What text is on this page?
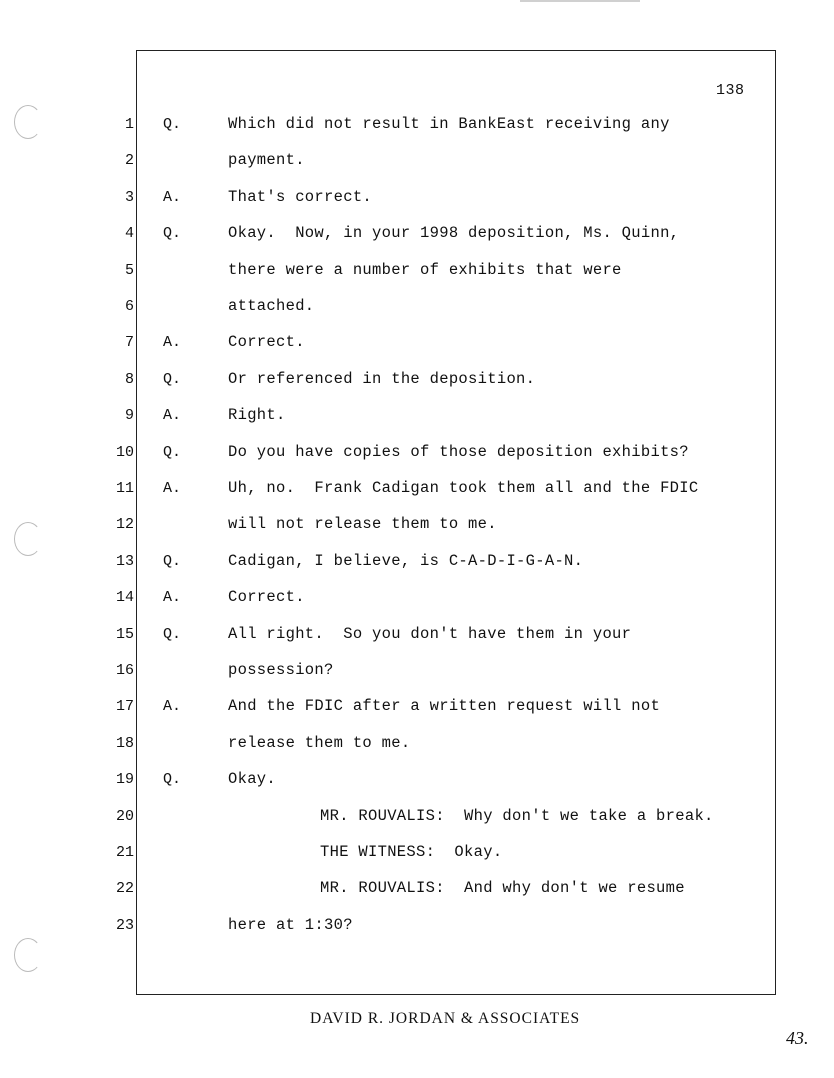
138
1 Q.	Which did not result in BankEast receiving any
2	payment.
3 A.	That's correct.
4 Q.	Okay.  Now, in your 1998 deposition, Ms. Quinn,
5	there were a number of exhibits that were
6	attached.
7 A.	Correct.
8 Q.	Or referenced in the deposition.
9 A.	Right.
10 Q.	Do you have copies of those deposition exhibits?
11 A.	Uh, no.  Frank Cadigan took them all and the FDIC
12	will not release them to me.
13 Q.	Cadigan, I believe, is C-A-D-I-G-A-N.
14 A.	Correct.
15 Q.	All right.  So you don't have them in your
16	possession?
17 A.	And the FDIC after a written request will not
18	release them to me.
19 Q.	Okay.
20	MR. ROUVALIS:  Why don't we take a break.
21	THE WITNESS:  Okay.
22	MR. ROUVALIS:  And why don't we resume
23	here at 1:30?
DAVID R. JORDAN & ASSOCIATES
43.
